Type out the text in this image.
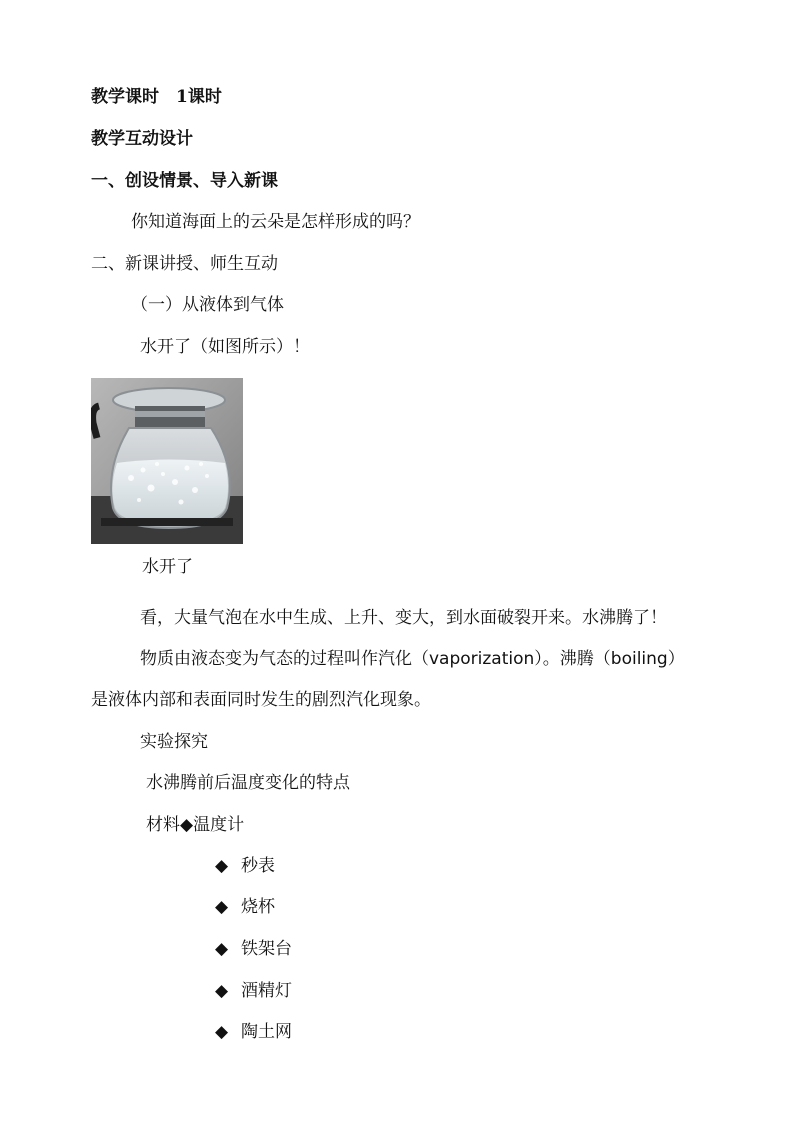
教学课时　1课时
教学互动设计
一、创设情景、导入新课
你知道海面上的云朵是怎样形成的吗？
二、新课讲授、师生互动
（一）从液体到气体
水开了（如图所示）！
水开了
看，大量气泡在水中生成、上升、变大，到水面破裂开来。水沸腾了！
物质由液态变为气态的过程叫作汽化（vaporization）。沸腾（boiling）
是液体内部和表面同时发生的剧烈汽化现象。
实验探究
水沸腾前后温度变化的特点
材料◆温度计
◆ 秒表
◆ 烧杯
◆ 铁架台
◆ 酒精灯
◆ 陶土网
